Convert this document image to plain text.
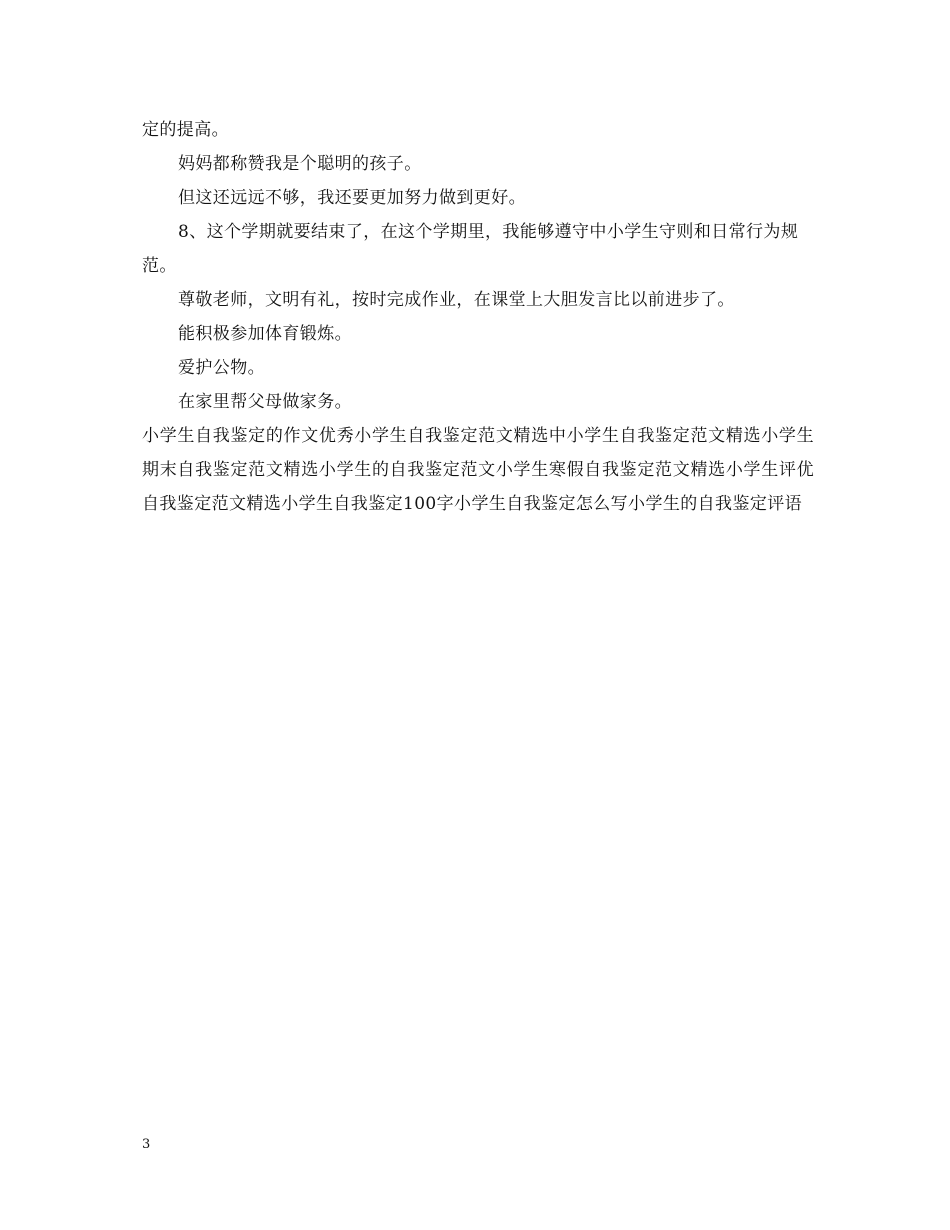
定的提高。

妈妈都称赞我是个聪明的孩子。

但这还远远不够，我还要更加努力做到更好。

8、这个学期就要结束了，在这个学期里，我能够遵守中小学生守则和日常行为规范。

尊敬老师，文明有礼，按时完成作业，在课堂上大胆发言比以前进步了。

能积极参加体育锻炼。

爱护公物。

在家里帮父母做家务。

小学生自我鉴定的作文优秀小学生自我鉴定范文精选中小学生自我鉴定范文精选小学生期末自我鉴定范文精选小学生的自我鉴定范文小学生寒假自我鉴定范文精选小学生评优自我鉴定范文精选小学生自我鉴定100字小学生自我鉴定怎么写小学生的自我鉴定评语

3
